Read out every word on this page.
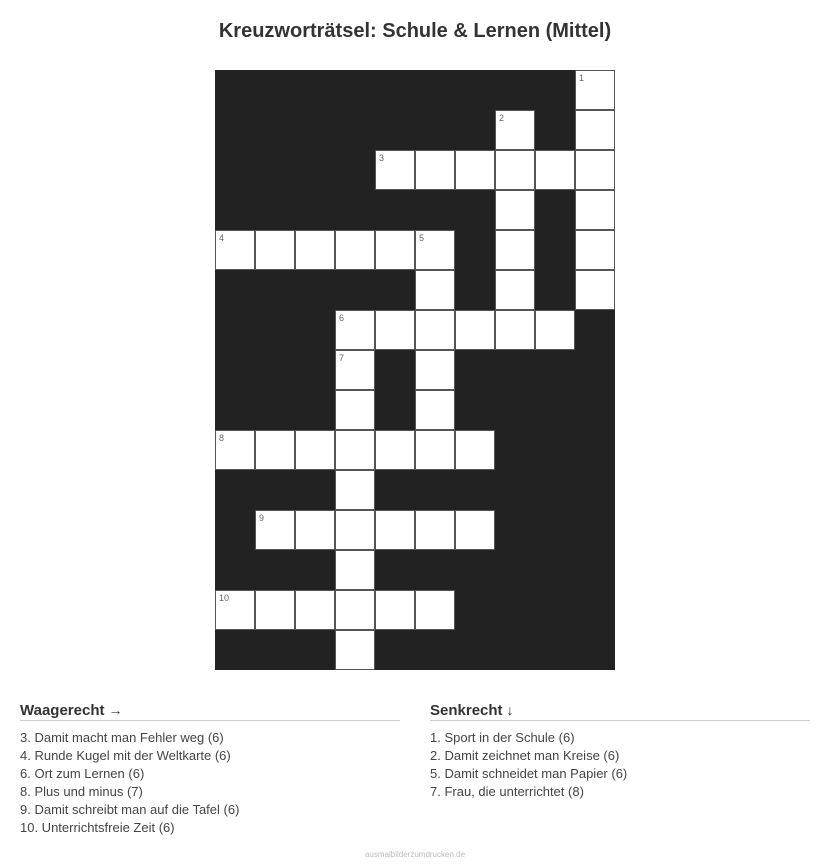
Kreuzworträtsel: Schule & Lernen (Mittel)
1
2
3
4	5
6
7
8
9
10
Waagerecht →
3. Damit macht man Fehler weg (6)
4. Runde Kugel mit der Weltkarte (6)
6. Ort zum Lernen (6)
8. Plus und minus (7)
9. Damit schreibt man auf die Tafel (6)
10. Unterrichtsfreie Zeit (6)
Senkrecht ↓
1. Sport in der Schule (6)
2. Damit zeichnet man Kreise (6)
5. Damit schneidet man Papier (6)
7. Frau, die unterrichtet (8)
ausmalbilderzumdrucken.de
